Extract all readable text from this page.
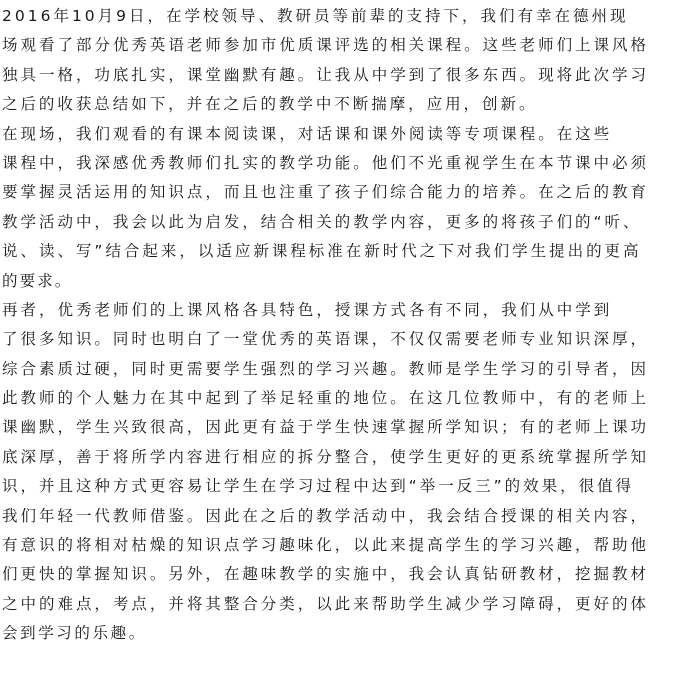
2016年10月9日，在学校领导、教研员等前辈的支持下，我们有幸在德州现
场观看了部分优秀英语老师参加市优质课评选的相关课程。这些老师们上课风格
独具一格，功底扎实，课堂幽默有趣。让我从中学到了很多东西。现将此次学习
之后的收获总结如下，并在之后的教学中不断揣摩，应用，创新。
在现场，我们观看的有课本阅读课，对话课和课外阅读等专项课程。在这些
课程中，我深感优秀教师们扎实的教学功能。他们不光重视学生在本节课中必须
要掌握灵活运用的知识点，而且也注重了孩子们综合能力的培养。在之后的教育
教学活动中，我会以此为启发，结合相关的教学内容，更多的将孩子们的“听、
说、读、写”结合起来，以适应新课程标准在新时代之下对我们学生提出的更高
的要求。
再者，优秀老师们的上课风格各具特色，授课方式各有不同，我们从中学到
了很多知识。同时也明白了一堂优秀的英语课，不仅仅需要老师专业知识深厚，
综合素质过硬，同时更需要学生强烈的学习兴趣。教师是学生学习的引导者，因
此教师的个人魅力在其中起到了举足轻重的地位。在这几位教师中，有的老师上
课幽默，学生兴致很高，因此更有益于学生快速掌握所学知识；有的老师上课功
底深厚，善于将所学内容进行相应的拆分整合，使学生更好的更系统掌握所学知
识，并且这种方式更容易让学生在学习过程中达到“举一反三”的效果，很值得
我们年轻一代教师借鉴。因此在之后的教学活动中，我会结合授课的相关内容，
有意识的将相对枯燥的知识点学习趣味化，以此来提高学生的学习兴趣，帮助他
们更快的掌握知识。另外，在趣味教学的实施中，我会认真钻研教材，挖掘教材
之中的难点，考点，并将其整合分类，以此来帮助学生减少学习障碍，更好的体
会到学习的乐趣。
